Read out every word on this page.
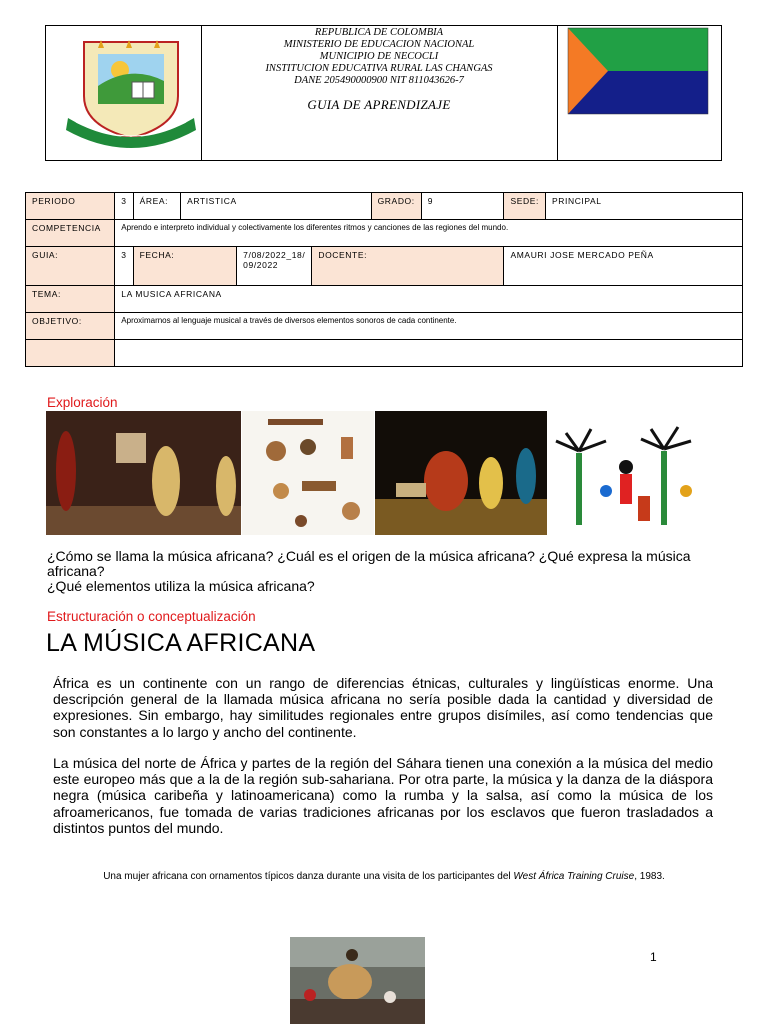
REPUBLICA DE COLOMBIA
MINISTERIO DE EDUCACION NACIONAL
MUNICIPIO DE NECOCLI
INSTITUCION EDUCATIVA RURAL LAS CHANGAS
DANE 205490000900 NIT 811043626-7
GUIA DE APRENDIZAJE
PERIODO	3	ÁREA:	ARTISTICA			GRADO:	9	SEDE:	PRINCIPAL
COMPETENCIA	Aprendo e interpreto individual y colectivamente los diferentes ritmos y canciones de las regiones del mundo.								
GUIA:	3	FECHA:		7/08/2022_18/ 09/2022	DOCENTE:			AMAURI JOSE MERCADO PEÑA	
TEMA:	LA MUSICA AFRICANA								
OBJETIVO:	Aproximarnos al lenguaje musical a través de diversos elementos sonoros de cada continente.								

Exploración
¿Cómo se llama la música africana? ¿Cuál es el origen de la música africana? ¿Qué expresa la música africana?
¿Qué elementos utiliza la música africana?
Estructuración o conceptualización
LA MÚSICA AFRICANA
África es un continente con un rango de diferencias étnicas, culturales y lingüísticas enorme. Una descripción general de la llamada música africana no sería posible dada la cantidad y diversidad de expresiones. Sin embargo, hay similitudes regionales entre grupos disímiles, así como tendencias que son constantes a lo largo y ancho del continente.
La música del norte de África y partes de la región del Sáhara tienen una conexión a la música del medio este europeo más que a la de la región sub-sahariana. Por otra parte, la música y la danza de la diáspora negra (música caribeña y latinoamericana) como la rumba y la salsa, así como la música de los afroamericanos, fue tomada de varias tradiciones africanas por los esclavos que fueron trasladados a distintos puntos del mundo.
Una mujer africana con ornamentos típicos danza durante una visita de los participantes del West África Training Cruise, 1983.
1
